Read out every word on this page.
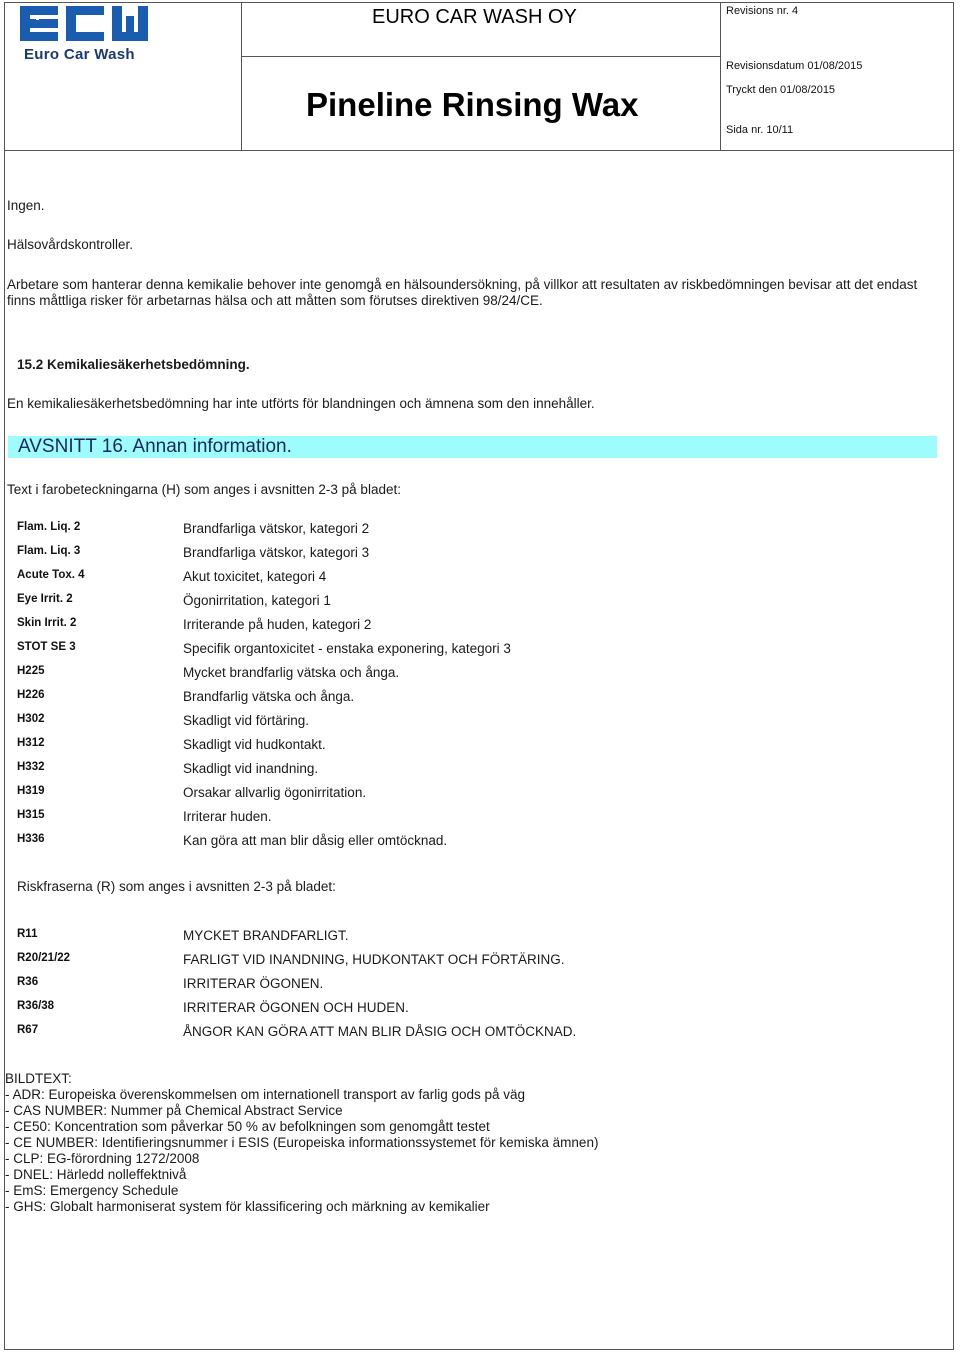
Euro Car Wash
EURO CAR WASH OY
Pineline Rinsing Wax
Revisions nr. 4
Revisionsdatum 01/08/2015
Tryckt den 01/08/2015
Sida nr. 10/11
Ingen.
Hälsovårdskontroller.
Arbetare som hanterar denna kemikalie behover inte genomgå en hälsoundersökning, på villkor att resultaten av riskbedömningen bevisar att det endast
finns måttliga risker för arbetarnas hälsa och att måtten som förutses direktiven 98/24/CE.
15.2 Kemikaliesäkerhetsbedömning.
En kemikaliesäkerhetsbedömning har inte utförts för blandningen och ämnena som den innehåller.
AVSNITT 16. Annan information.
Text i farobeteckningarna (H) som anges i avsnitten 2-3 på bladet:
Flam. Liq. 2	Brandfarliga vätskor, kategori 2
Flam. Liq. 3	Brandfarliga vätskor, kategori 3
Acute Tox. 4	Akut toxicitet, kategori 4
Eye Irrit. 2	Ögonirritation, kategori 1
Skin Irrit. 2	Irriterande på huden, kategori 2
STOT SE 3	Specifik organtoxicitet - enstaka exponering, kategori 3
H225	Mycket brandfarlig vätska och ånga.
H226	Brandfarlig vätska och ånga.
H302	Skadligt vid förtäring.
H312	Skadligt vid hudkontakt.
H332	Skadligt vid inandning.
H319	Orsakar allvarlig ögonirritation.
H315	Irriterar huden.
H336	Kan göra att man blir dåsig eller omtöcknad.
Riskfraserna (R) som anges i avsnitten 2-3 på bladet:
R11	MYCKET BRANDFARLIGT.
R20/21/22	FARLIGT VID INANDNING, HUDKONTAKT OCH FÖRTÄRING.
R36	IRRITERAR ÖGONEN.
R36/38	IRRITERAR ÖGONEN OCH HUDEN.
R67	ÅNGOR KAN GÖRA ATT MAN BLIR DÅSIG OCH OMTÖCKNAD.
BILDTEXT:
- ADR: Europeiska överenskommelsen om internationell transport av farlig gods på väg
- CAS NUMBER: Nummer på Chemical Abstract Service
- CE50: Koncentration som påverkar 50 % av befolkningen som genomgått testet
- CE NUMBER: Identifieringsnummer i ESIS (Europeiska informationssystemet för kemiska ämnen)
- CLP: EG-förordning 1272/2008
- DNEL: Härledd nolleffektnivå
- EmS: Emergency Schedule
- GHS: Globalt harmoniserat system för klassificering och märkning av kemikalier
